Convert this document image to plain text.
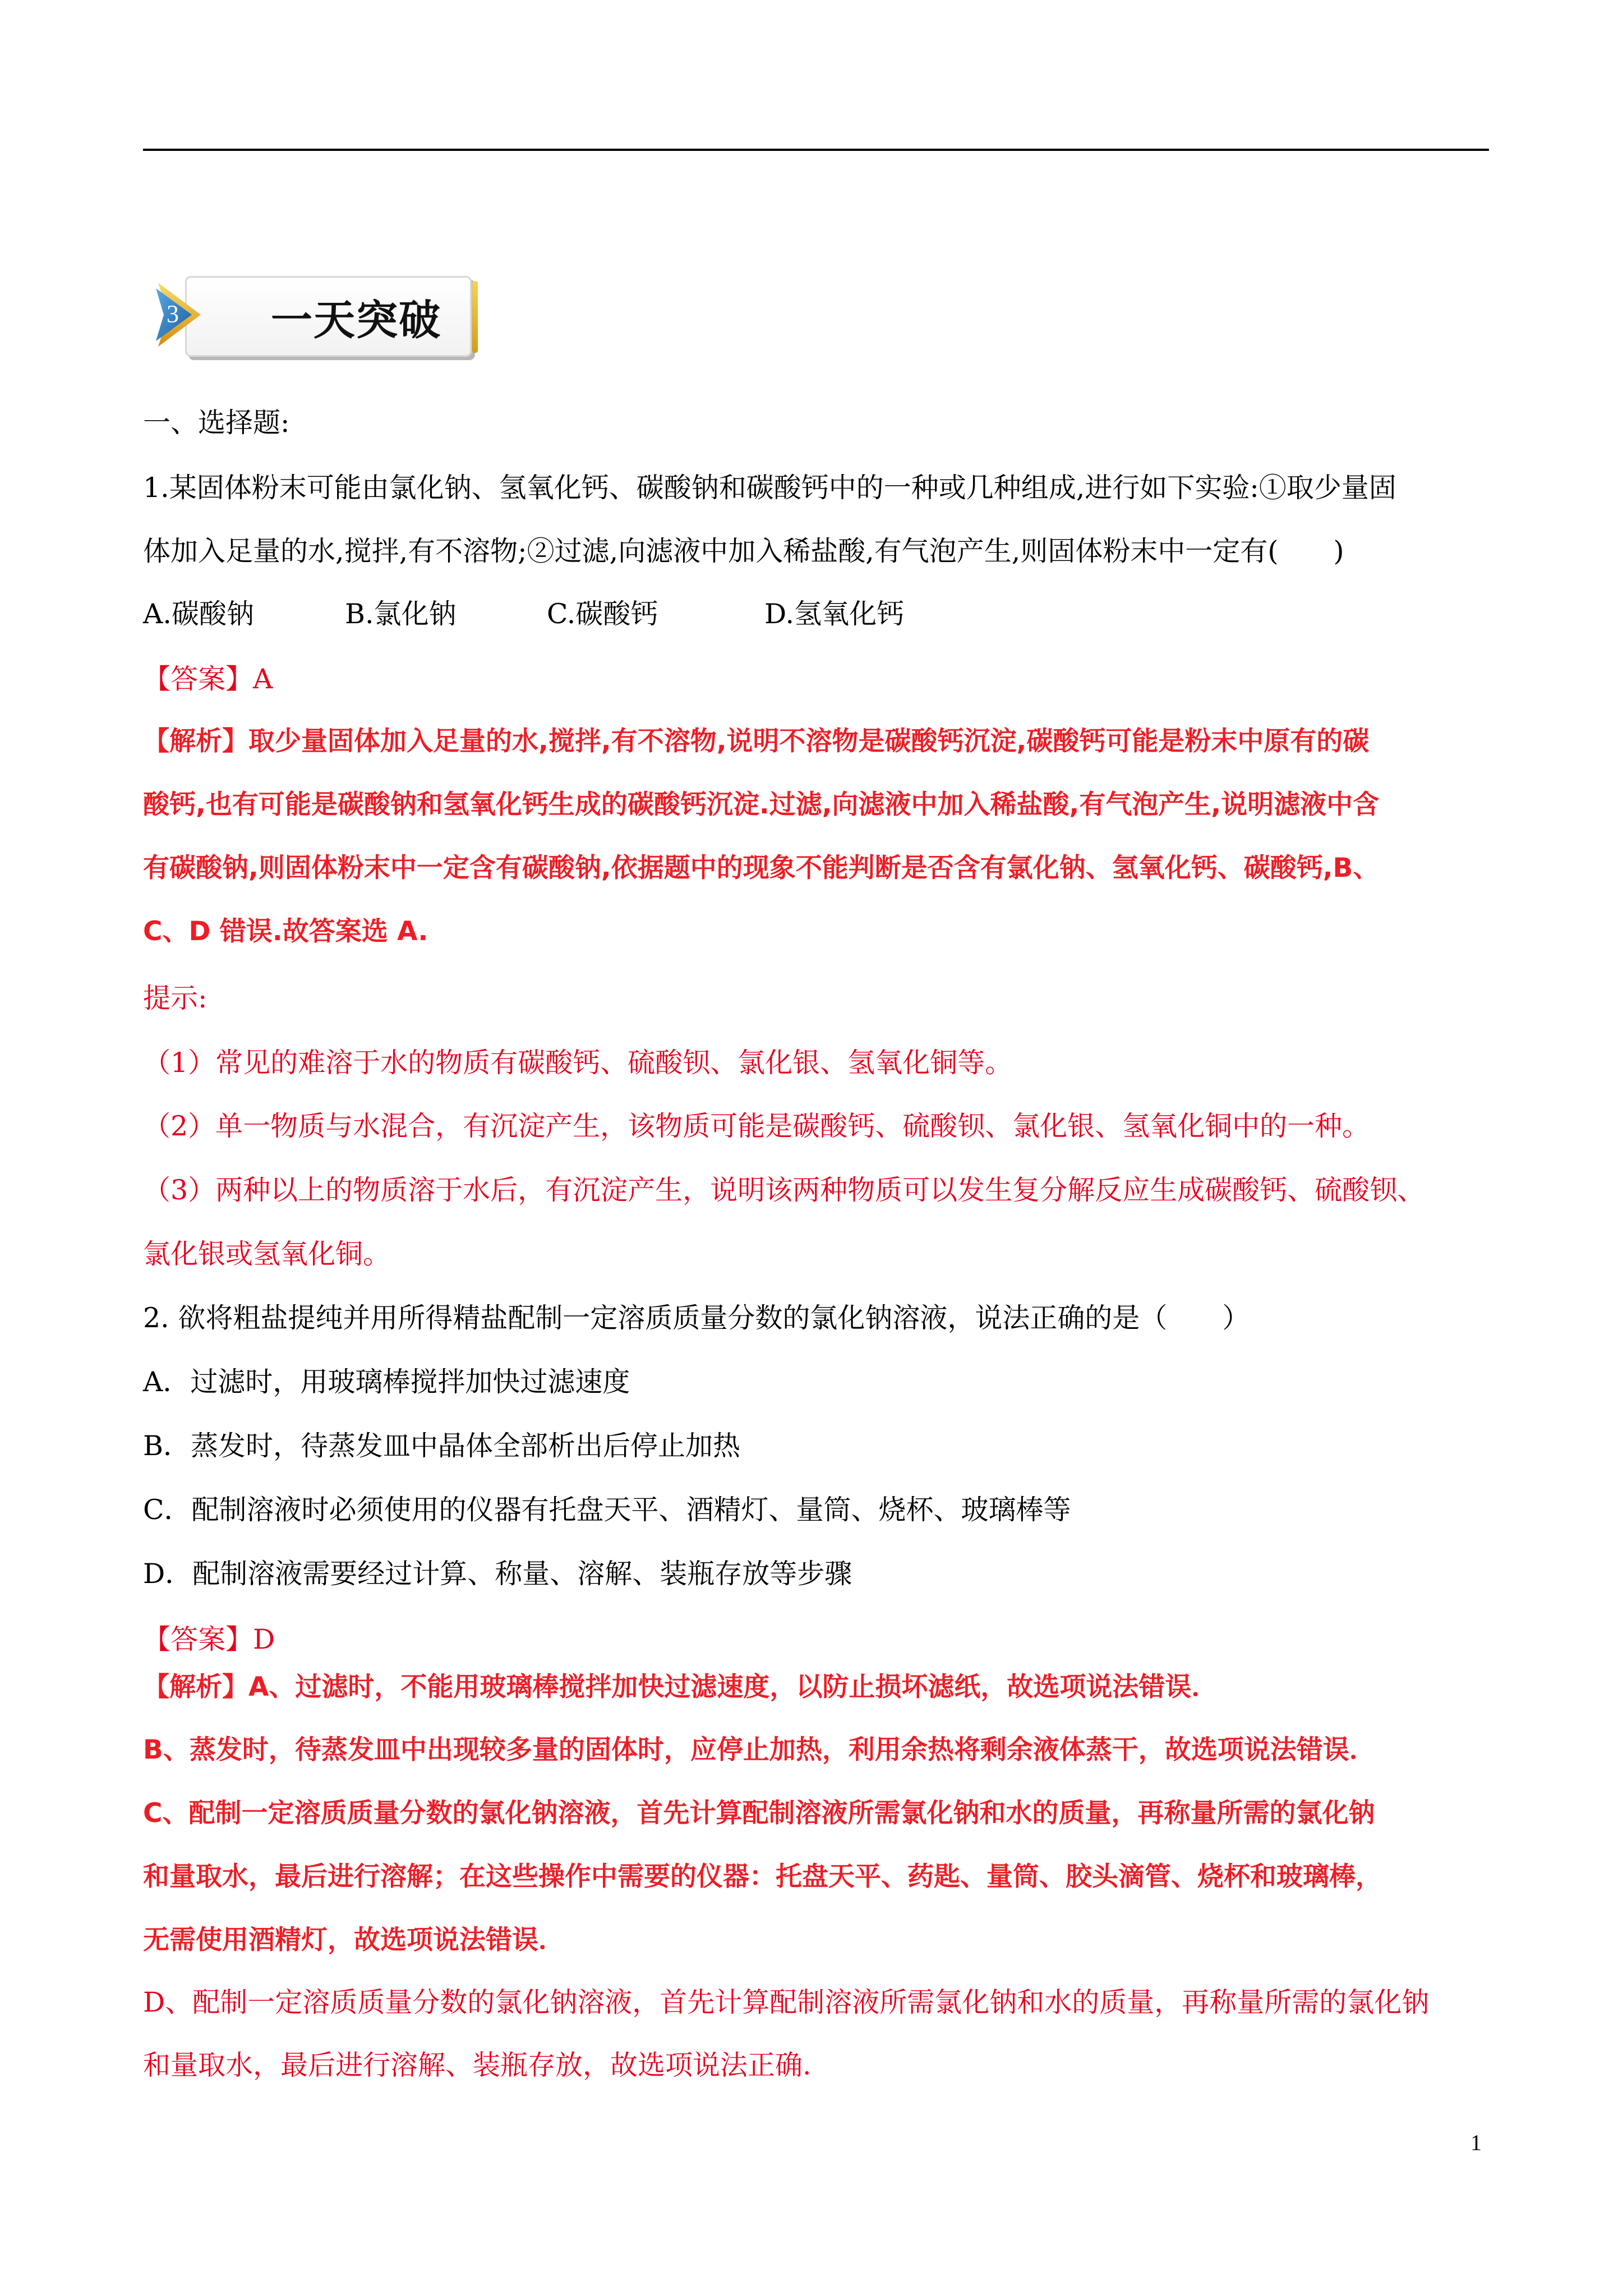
一天突破
3
一、选择题:
1.某固体粉末可能由氯化钠、氢氧化钙、碳酸钠和碳酸钙中的一种或几种组成,进行如下实验:①取少量固
体加入足量的水,搅拌,有不溶物;②过滤,向滤液中加入稀盐酸,有气泡产生,则固体粉末中一定有(　　)
A.碳酸钠	B.氯化钠	C.碳酸钙	D.氢氧化钙
【答案】A
【解析】取少量固体加入足量的水,搅拌,有不溶物,说明不溶物是碳酸钙沉淀,碳酸钙可能是粉末中原有的碳
酸钙,也有可能是碳酸钠和氢氧化钙生成的碳酸钙沉淀.过滤,向滤液中加入稀盐酸,有气泡产生,说明滤液中含
有碳酸钠,则固体粉末中一定含有碳酸钠,依据题中的现象不能判断是否含有氯化钠、氢氧化钙、碳酸钙,B、
C、D 错误.故答案选 A.
提示:
（1）常见的难溶于水的物质有碳酸钙、硫酸钡、氯化银、氢氧化铜等。
（2）单一物质与水混合，有沉淀产生，该物质可能是碳酸钙、硫酸钡、氯化银、氢氧化铜中的一种。
（3）两种以上的物质溶于水后，有沉淀产生，说明该两种物质可以发生复分解反应生成碳酸钙、硫酸钡、
氯化银或氢氧化铜。
2. 欲将粗盐提纯并用所得精盐配制一定溶质质量分数的氯化钠溶液，说法正确的是（　　）
A．过滤时，用玻璃棒搅拌加快过滤速度
B．蒸发时，待蒸发皿中晶体全部析出后停止加热
C．配制溶液时必须使用的仪器有托盘天平、酒精灯、量筒、烧杯、玻璃棒等
D．配制溶液需要经过计算、称量、溶解、装瓶存放等步骤
【答案】D
【解析】A、过滤时，不能用玻璃棒搅拌加快过滤速度，以防止损坏滤纸，故选项说法错误．
B、蒸发时，待蒸发皿中出现较多量的固体时，应停止加热，利用余热将剩余液体蒸干，故选项说法错误．
C、配制一定溶质质量分数的氯化钠溶液，首先计算配制溶液所需氯化钠和水的质量，再称量所需的氯化钠
和量取水，最后进行溶解；在这些操作中需要的仪器：托盘天平、药匙、量筒、胶头滴管、烧杯和玻璃棒，
无需使用酒精灯，故选项说法错误．
D、配制一定溶质质量分数的氯化钠溶液，首先计算配制溶液所需氯化钠和水的质量，再称量所需的氯化钠
和量取水，最后进行溶解、装瓶存放，故选项说法正确.
1
